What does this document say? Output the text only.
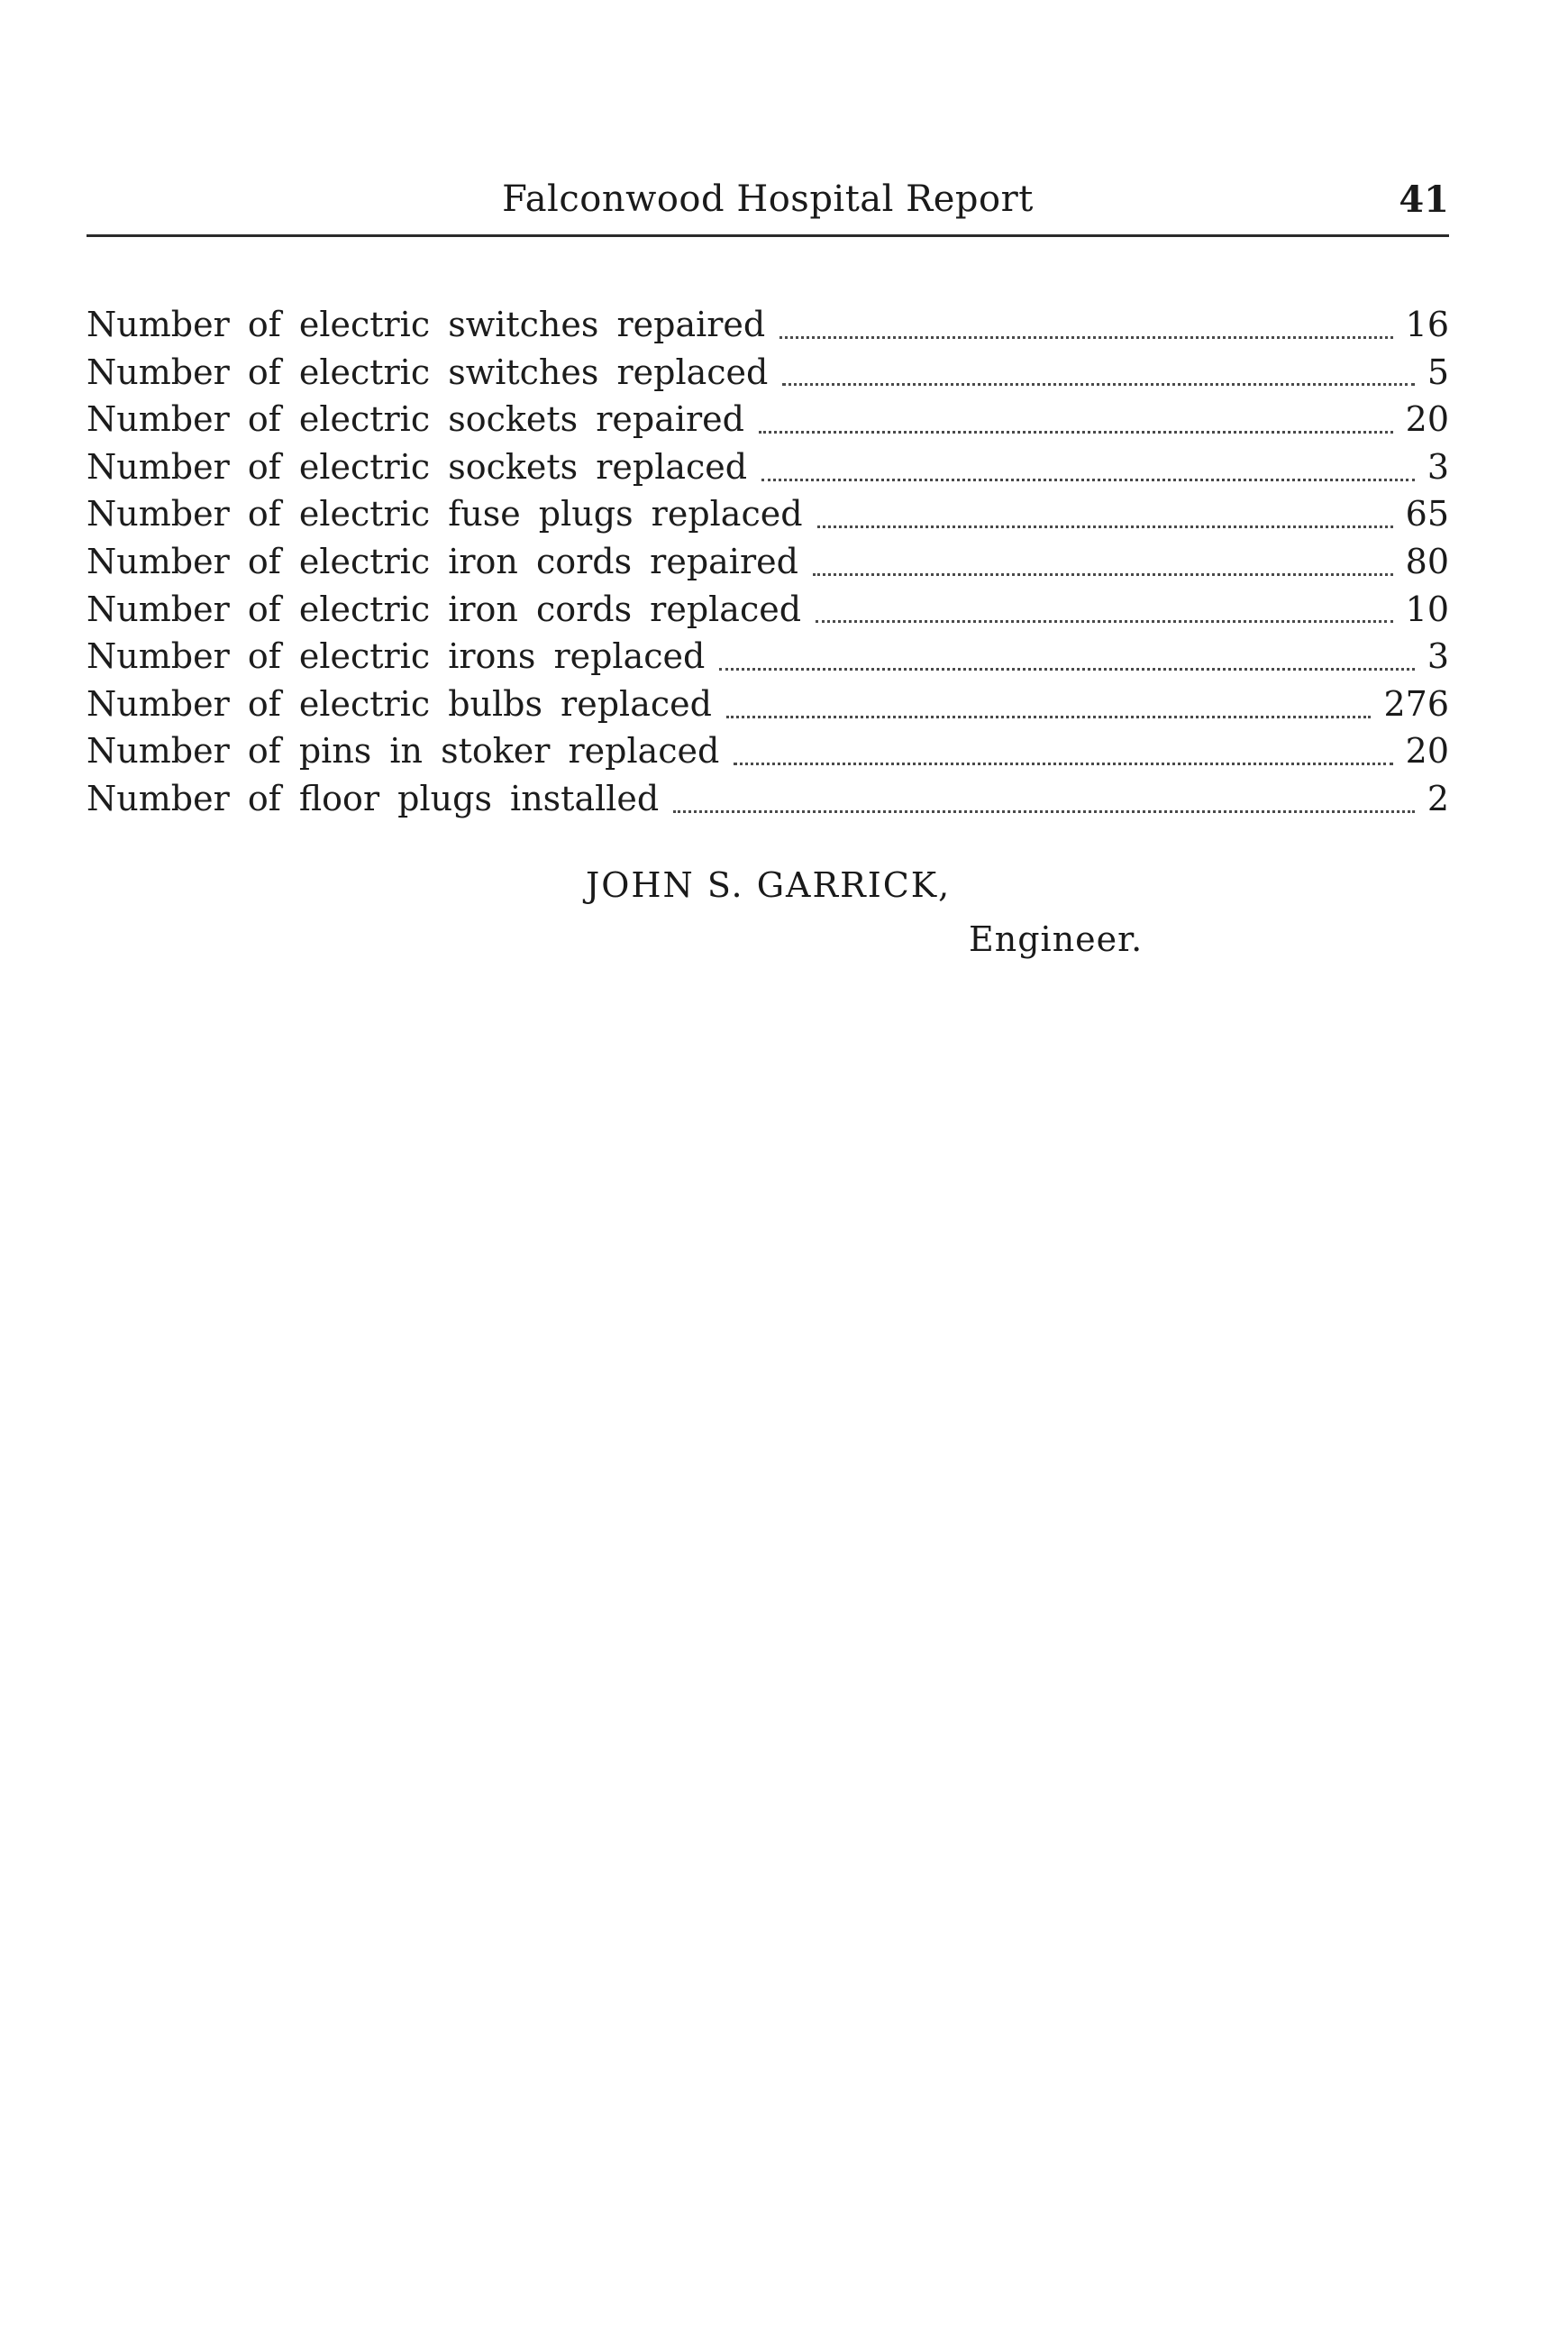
Falconwood Hospital Report	41
Number of electric switches repaired	16
Number of electric switches replaced	5
Number of electric sockets repaired	20
Number of electric sockets replaced	3
Number of electric fuse plugs replaced	65
Number of electric iron cords repaired	80
Number of electric iron cords replaced	10
Number of electric irons replaced	3
Number of electric bulbs replaced	276
Number of pins in stoker replaced	20
Number of floor plugs installed	2
JOHN S. GARRICK,
Engineer.
